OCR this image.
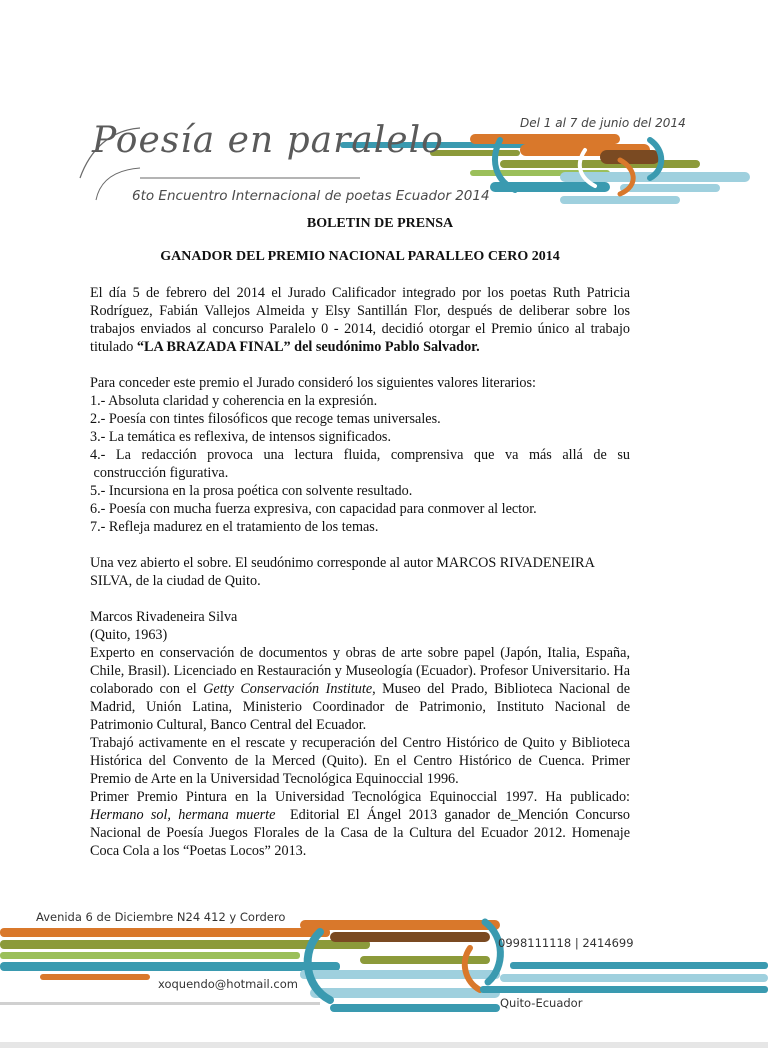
Poesía en paralelo
6to Encuentro Internacional de poetas Ecuador 2014
Del 1 al 7 de junio del 2014
BOLETIN DE PRENSA
GANADOR DEL PREMIO NACIONAL PARALLEO CERO 2014

El día 5 de febrero del 2014 el Jurado Calificador integrado por los poetas Ruth Patricia Rodríguez, Fabián Vallejos Almeida y Elsy Santillán Flor, después de deliberar sobre los trabajos enviados al concurso Paralelo 0 - 2014, decidió otorgar el Premio único al trabajo titulado “LA BRAZADA FINAL” del seudónimo Pablo Salvador.

Para conceder este premio el Jurado consideró los siguientes valores literarios:

1.- Absoluta claridad y coherencia en la expresión.

2.- Poesía con tintes filosóficos que recoge temas universales.

3.- La temática es reflexiva, de intensos significados.

4.- La redacción provoca una lectura fluida, comprensiva que va más allá de su

construcción figurativa.

5.- Incursiona en la prosa poética con solvente resultado.

6.- Poesía con mucha fuerza expresiva, con capacidad para conmover al lector.

7.- Refleja madurez en el tratamiento de los temas.

Una vez abierto el sobre. El seudónimo corresponde al autor MARCOS RIVADENEIRA SILVA, de la ciudad de Quito.

Marcos Rivadeneira Silva

(Quito, 1963)

Experto en conservación de documentos y obras de arte sobre papel (Japón, Italia, España, Chile, Brasil). Licenciado en Restauración y Museología (Ecuador). Profesor Universitario. Ha colaborado con el Getty Conservación Institute, Museo del Prado, Biblioteca Nacional de Madrid, Unión Latina, Ministerio Coordinador de Patrimonio, Instituto Nacional de Patrimonio Cultural, Banco Central del Ecuador.

Trabajó activamente en el rescate y recuperación del Centro Histórico de Quito y Biblioteca Histórica del Convento de la Merced (Quito). En el Centro Histórico de Cuenca. Primer Premio de Arte en la Universidad Tecnológica Equinoccial 1996.

Primer Premio Pintura en la Universidad Tecnológica Equinoccial 1997. Ha publicado: Hermano sol, hermana muerte  Editorial El Ángel 2013 ganador de_Mención Concurso Nacional de Poesía Juegos Florales de la Casa de la Cultura del Ecuador 2012. Homenaje Coca Cola a los “Poetas Locos” 2013.

Avenida 6 de Diciembre N24 412 y Cordero
0998111118 | 2414699
xoquendo@hotmail.com
Quito-Ecuador
